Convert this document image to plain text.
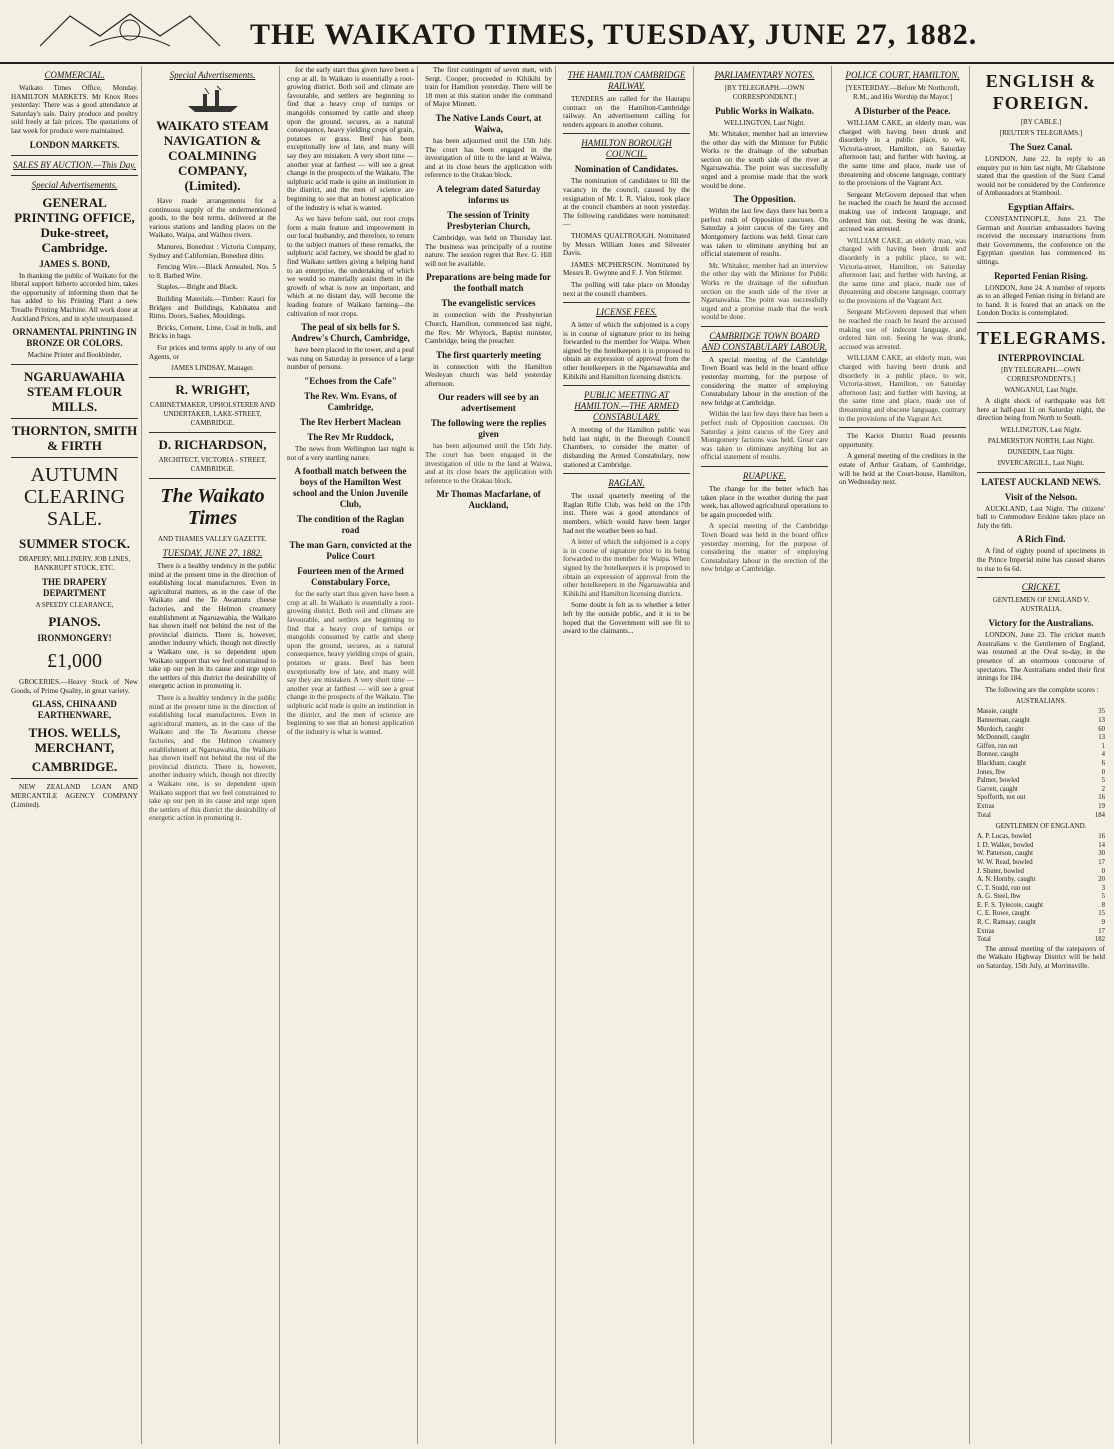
THE WAIKATO TIMES, TUESDAY, JUNE 27, 1882.
COMMERCIAL.

Waikato Times Office, Monday. HAMILTON MARKETS. Mr Knox Rees yesterday: There was a good attendance at Saturday's sale. Dairy produce and poultry sold freely at fair prices. The quotations of last week for produce were maintained.

LONDON MARKETS.
SALES BY AUCTION.—This Day.
Special Advertisements.
GENERAL PRINTING OFFICE, Duke-street, Cambridge.
JAMES S. BOND,

In thanking the public of Waikato for the liberal support hitherto accorded him, takes the opportunity of informing them that he has added to his Printing Plant a new Treadle Printing Machine. All work done at Auckland Prices, and in style unsurpassed.

ORNAMENTAL PRINTING IN BRONZE OR COLORS.
Machine Printer and Bookbinder,
NGARUAWAHIA STEAM FLOUR MILLS.
THORNTON, SMITH & FIRTH
AUTUMN CLEARING SALE.
SUMMER STOCK.
DRAPERY, MILLINERY, JOB LINES, BANKRUPT STOCK, ETC.
THE DRAPERY DEPARTMENT
A SPEEDY CLEARANCE,
PIANOS.
IRONMONGERY!
£1,000

GROCERIES.—Heavy Stock of New Goods, of Prime Quality, in great variety.

GLASS, CHINA AND EARTHENWARE,
THOS. WELLS, MERCHANT,
CAMBRIDGE.

NEW ZEALAND LOAN AND MERCANTILE AGENCY COMPANY (Limited).

Special Advertisements.
WAIKATO STEAM NAVIGATION & COALMINING COMPANY, (Limited).

Have made arrangements for a continuous supply of the undermentioned goods, to the best terms, delivered at the various stations and landing places on the Waikato, Waipa, and Waihou rivers.

Manures, Bonedust : Victoria Company, Sydney and Californian, Bonedust ditto.

Fencing Wire.—Black Annealed, Nos. 5 to 8. Barbed Wire.

Staples.—Bright and Black.

Building Materials.—Timber: Kauri for Bridges and Buildings, Kahikatea and Rimu. Doors, Sashes, Mouldings.

Bricks, Cement, Lime, Coal in bulk, and Bricks in bags.

For prices and terms apply to any of our Agents, or

JAMES LINDSAY, Manager.
R. WRIGHT,
CABINETMAKER, UPHOLSTERER AND UNDERTAKER, LAKE-STREET, CAMBRIDGE.
D. RICHARDSON,
ARCHITECT, VICTORIA - STREET, CAMBRIDGE.
The Waikato Times
AND THAMES VALLEY GAZETTE.
TUESDAY, JUNE 27, 1882.

There is a healthy tendency in the public mind at the present time in the direction of establishing local manufactures. Even in agricultural matters, as in the case of the Waikato and the Te Awamutu cheese factories, and the Helmon creamery establishment at Ngaruawahia, the Waikato has shown itself not behind the rest of the provincial districts. There is, however, another industry which, though not directly a Waikato one, is so dependent upon Waikato support that we feel constrained to take up our pen in its cause and urge upon the settlers of this district the desirability of energetic action in promoting it.

There is a healthy tendency in the public mind at the present time in the direction of establishing local manufactures. Even in agricultural matters, as in the case of the Waikato and the Te Awamutu cheese factories, and the Helmon creamery establishment at Ngaruawahia, the Waikato has shown itself not behind the rest of the provincial districts. There is, however, another industry which, though not directly a Waikato one, is so dependent upon Waikato support that we feel constrained to take up our pen in its cause and urge upon the settlers of this district the desirability of energetic action in promoting it.

for the early start thus given have been a crop at all. In Waikato is essentially a root-growing district. Both soil and climate are favourable, and settlers are beginning to find that a heavy crop of turnips or mangolds consumed by cattle and sheep upon the ground, secures, as a natural consequence, heavy yielding crops of grain, potatoes or grass. Beef has been exceptionally low of late, and many will say they are mistaken. A very short time — another year at farthest — will see a great change in the prospects of the Waikato. The sulphuric acid trade is quite an institution in the district, and the men of science are beginning to see that an honest application of the industry is what is wanted.

As we have before said, our root crops form a main feature and improvement in our local husbandry, and therefore, to return to the subject matters of these remarks, the sulphuric acid factory, we should be glad to find Waikato settlers giving a helping hand to an enterprise, the undertaking of which we would so materially assist them in the growth of what is now an important, and which at no distant day, will become the leading feature of Waikato farming—the cultivation of root crops.

The peal of six bells for S. Andrew's Church, Cambridge,

have been placed in the tower, and a peal was rung on Saturday in presence of a large number of persons.

"Echoes from the Cafe"
The Rev. Wm. Evans, of Cambridge,
The Rev Herbert Maclean
The Rev Mr Ruddock,

The news from Wellington last night is not of a very startling nature.

A football match between the boys of the Hamilton West school and the Union Juvenile Club,
The condition of the Raglan road
The man Garn, convicted at the Police Court
Fourteen men of the Armed Constabulary Force,

for the early start thus given have been a crop at all. In Waikato is essentially a root-growing district. Both soil and climate are favourable, and settlers are beginning to find that a heavy crop of turnips or mangolds consumed by cattle and sheep upon the ground, secures, as a natural consequence, heavy yielding crops of grain, potatoes or grass. Beef has been exceptionally low of late, and many will say they are mistaken. A very short time — another year at farthest — will see a great change in the prospects of the Waikato. The sulphuric acid trade is quite an institution in the district, and the men of science are beginning to see that an honest application of the industry is what is wanted.

The first contingent of seven men, with Sergt. Cooper, proceeded to Kihikihi by train for Hamilton yesterday. There will be 18 men at this station under the command of Major Minnett.

The Native Lands Court, at Waiwa,

has been adjourned until the 15th July. The court has been engaged in the investigation of title to the land at Waiwa, and at its close hears the application with reference to the Orakau block.

A telegram dated Saturday informs us
The session of Trinity Presbyterian Church,

Cambridge, was held on Thursday last. The business was principally of a routine nature. The session regret that Rev. G. Hill will not be available.

Preparations are being made for the football match
The evangelistic services

in connection with the Presbyterian Church, Hamilton, commenced last night, the Rev. Mr Whytock, Baptist minister, Cambridge, being the preacher.

The first quarterly meeting

in connection with the Hamilton Wesleyan church was held yesterday afternoon.

Our readers will see by an advertisement
The following were the replies given

has been adjourned until the 15th July. The court has been engaged in the investigation of title to the land at Waiwa, and at its close hears the application with reference to the Orakau block.

Mr Thomas Macfarlane, of Auckland,
THE HAMILTON CAMBRIDGE RAILWAY.

TENDERS are called for the Hautapu contract on the Hamilton-Cambridge railway. An advertisement calling for tenders appears in another column.

HAMILTON BOROUGH COUNCIL.
Nomination of Candidates.

The nomination of candidates to fill the vacancy in the council, caused by the resignation of Mr. I. R. Vialou, took place at the council chambers at noon yesterday. The following candidates were nominated:—

THOMAS QUALTROUGH. Nominated by Messrs William Jones and Silvester Davis.

JAMES MCPHERSON. Nominated by Messrs R. Gwynne and F. J. Von Stürmer.

The polling will take place on Monday next at the council chambers.

LICENSE FEES.

A letter of which the subjoined is a copy is in course of signature prior to its being forwarded to the member for Waipa. When signed by the hotelkeepers it is proposed to obtain an expression of approval from the other hotelkeepers in the Ngaruawahia and Kihikihi and Hamilton licensing districts.

PUBLIC MEETING AT HAMILTON.—THE ARMED CONSTABULARY.

A meeting of the Hamilton public was held last night, in the Borough Council Chambers, to consider the matter of disbanding the Armed Constabulary, now stationed at Cambridge.

RAGLAN.

The usual quarterly meeting of the Raglan Rifle Club, was held on the 17th inst. There was a good attendance of members, which would have been larger had not the weather been so bad.

A letter of which the subjoined is a copy is in course of signature prior to its being forwarded to the member for Waipa. When signed by the hotelkeepers it is proposed to obtain an expression of approval from the other hotelkeepers in the Ngaruawahia and Kihikihi and Hamilton licensing districts.

Some doubt is felt as to whether a letter left by the outside public, and it is to be hoped that the Government will see fit to award to the claimants...

PARLIAMENTARY NOTES.
[BY TELEGRAPH.—OWN CORRESPONDENT.]
Public Works in Waikato.
WELLINGTON, Last Night.

Mr. Whitaker, member had an interview the other day with the Minister for Public Works re the drainage of the suburban section on the south side of the river at Ngaruawahia. The point was successfully urged and a promise made that the work would be done.

The Opposition.

Within the last few days there has been a perfect rush of Opposition caucuses. On Saturday a joint caucus of the Grey and Montgomery factions was held. Great care was taken to eliminate anything but an official statement of results.

Mr. Whitaker, member had an interview the other day with the Minister for Public Works re the drainage of the suburban section on the south side of the river at Ngaruawahia. The point was successfully urged and a promise made that the work would be done.

CAMBRIDGE TOWN BOARD AND CONSTABULARY LABOUR.

A special meeting of the Cambridge Town Board was held in the board office yesterday morning, for the purpose of considering the matter of employing Constabulary labour in the erection of the new bridge at Cambridge.

Within the last few days there has been a perfect rush of Opposition caucuses. On Saturday a joint caucus of the Grey and Montgomery factions was held. Great care was taken to eliminate anything but an official statement of results.

RUAPUKE.

The change for the better which has taken place in the weather during the past week, has allowed agricultural operations to be again proceeded with.

A special meeting of the Cambridge Town Board was held in the board office yesterday morning, for the purpose of considering the matter of employing Constabulary labour in the erection of the new bridge at Cambridge.

POLICE COURT, HAMILTON.
[YESTERDAY.—Before Mr Northcroft, R.M., and His Worship the Mayor.]
A Disturber of the Peace.

WILLIAM CAKE, an elderly man, was charged with having been drunk and disorderly in a public place, to wit, Victoria-street, Hamilton, on Saturday afternoon last; and further with having, at the same time and place, made use of threatening and obscene language, contrary to the provisions of the Vagrant Act.

Sergeant McGovern deposed that when he reached the coach he heard the accused making use of indecent language, and ordered him out. Seeing he was drunk, accused was arrested.

WILLIAM CAKE, an elderly man, was charged with having been drunk and disorderly in a public place, to wit, Victoria-street, Hamilton, on Saturday afternoon last; and further with having, at the same time and place, made use of threatening and obscene language, contrary to the provisions of the Vagrant Act.

Sergeant McGovern deposed that when he reached the coach he heard the accused making use of indecent language, and ordered him out. Seeing he was drunk, accused was arrested.

WILLIAM CAKE, an elderly man, was charged with having been drunk and disorderly in a public place, to wit, Victoria-street, Hamilton, on Saturday afternoon last; and further with having, at the same time and place, made use of threatening and obscene language, contrary to the provisions of the Vagrant Act.

The Karioi District Road presents opportunity.

A general meeting of the creditors in the estate of Arthur Graham, of Cambridge, will be held at the Court-house, Hamilton, on Wednesday next.

ENGLISH & FOREIGN.
[BY CABLE.]
[REUTER'S TELEGRAMS.]
The Suez Canal.

LONDON, June 22. In reply to an enquiry put to him last night, Mr Gladstone stated that the question of the Suez Canal would not be considered by the Conference of Ambassadors at Stamboul.

Egyptian Affairs.

CONSTANTINOPLE, June 23. The German and Austrian ambassadors having received the necessary instructions from their Governments, the conference on the Egyptian question has commenced its sittings.

Reported Fenian Rising.

LONDON, June 24. A number of reports as to an alleged Fenian rising in Ireland are to hand. It is feared that an attack on the London Docks is contemplated.

TELEGRAMS.
INTERPROVINCIAL
[BY TELEGRAPH.—OWN CORRESPONDENTS.]
WANGANUI, Last Night.

A slight shock of earthquake was felt here at half-past 11 on Saturday night, the direction being from North to South.

WELLINGTON, Last Night.
PALMERSTON NORTH, Last Night.
DUNEDIN, Last Night.
INVERCARGILL, Last Night.
LATEST AUCKLAND NEWS.
Visit of the Nelson.

AUCKLAND, Last Night. The citizens' ball to Commodore Erskine takes place on July the 6th.

A Rich Find.

A find of eighty pound of specimens in the Prince Imperial mine has caused shares to rise to 6s 6d.

CRICKET.
GENTLEMEN OF ENGLAND V. AUSTRALIA.
Victory for the Australians.

LONDON, June 23. The cricket match Australians v. the Gentlemen of England, was resumed at the Oval to-day, in the presence of an enormous concourse of spectators. The Australians ended their first innings for 184.

The following are the complete scores :

AUSTRALIANS.
Massie, caught	35
Bannerman, caught	13
Murdoch, caught	60
McDonnell, caught	13
Giffen, run out	1
Bonnor, caught	4
Blackham, caught	6
Jones, lbw	0
Palmer, bowled	5
Garrett, caught	2
Spofforth, not out	16
Extras	19
Total	184
GENTLEMEN OF ENGLAND.
A. P. Lucas, bowled	16
I. D. Walker, bowled	14
W. Patterson, caught	30
W. W. Read, bowled	17
J. Shuter, bowled	0
A. N. Hornby, caught	20
C. T. Studd, run out	3
A. G. Steel, lbw	5
E. F. S. Tylecote, caught	8
C. E. Rowe, caught	15
R. C. Ramsay, caught	9
Extras	17
Total	182

The annual meeting of the ratepayers of the Waikato Highway District will be held on Saturday, 15th July, at Morrinsville.
